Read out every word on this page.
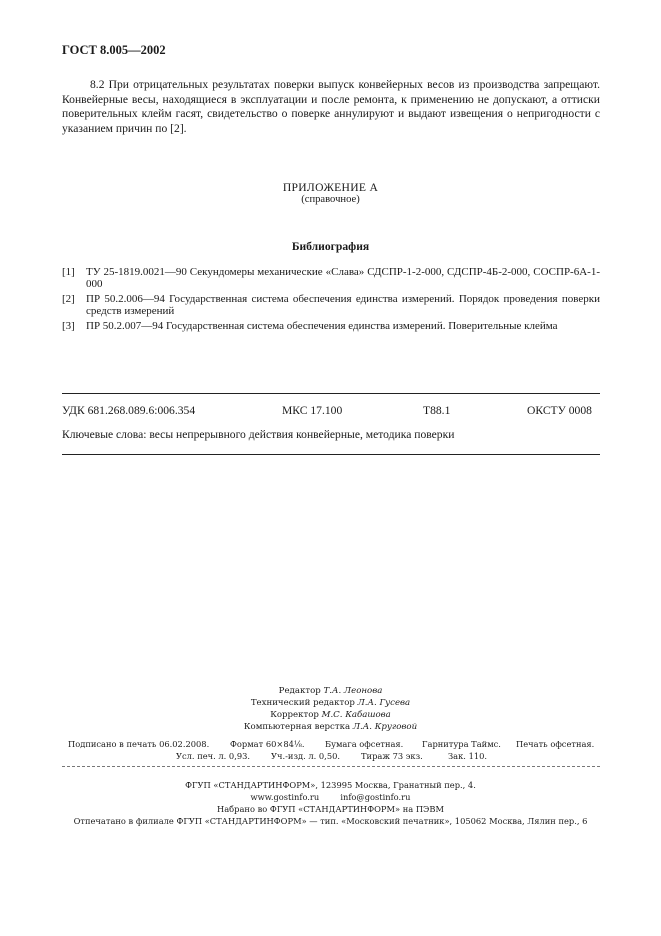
ГОСТ 8.005—2002
8.2 При отрицательных результатах поверки выпуск конвейерных весов из производства запрещают. Конвейерные весы, находящиеся в эксплуатации и после ремонта, к применению не допускают, а оттиски поверительных клейм гасят, свидетельство о поверке аннулируют и выдают извещения о непригодности с указанием причин по [2].
ПРИЛОЖЕНИЕ А
(справочное)
Библиография
[1] ТУ 25-1819.0021—90 Секундомеры механические «Слава» СДСПР-1-2-000, СДСПР-4Б-2-000, СОСПР-6А-1-000
[2] ПР 50.2.006—94 Государственная система обеспечения единства измерений. Порядок проведения поверки средств измерений
[3] ПР 50.2.007—94 Государственная система обеспечения единства измерений. Поверительные клейма
УДК 681.268.089.6:006.354	МКС 17.100	Т88.1	ОКСТУ 0008
Ключевые слова: весы непрерывного действия конвейерные, методика поверки
Редактор Т.А. Леонова
Технический редактор Л.А. Гусева
Корректор М.С. Кабашова
Компьютерная верстка Л.А. Круговой
Подписано в печать 06.02.2008.	Формат 60×84⅛. Бумага офсетная. Гарнитура Таймс. Печать офсетная.
Усл. печ. л. 0,93.	Уч.-изд. л. 0,50.	Тираж 73 экз.	Зак. 110.
ФГУП «СТАНДАРТИНФОРМ», 123995 Москва, Гранатный пер., 4.
www.gostinfo.ru        info@gostinfo.ru
Набрано во ФГУП «СТАНДАРТИНФОРМ» на ПЭВМ
Отпечатано в филиале ФГУП «СТАНДАРТИНФОРМ» — тип. «Московский печатник», 105062 Москва, Лялин пер., 6
